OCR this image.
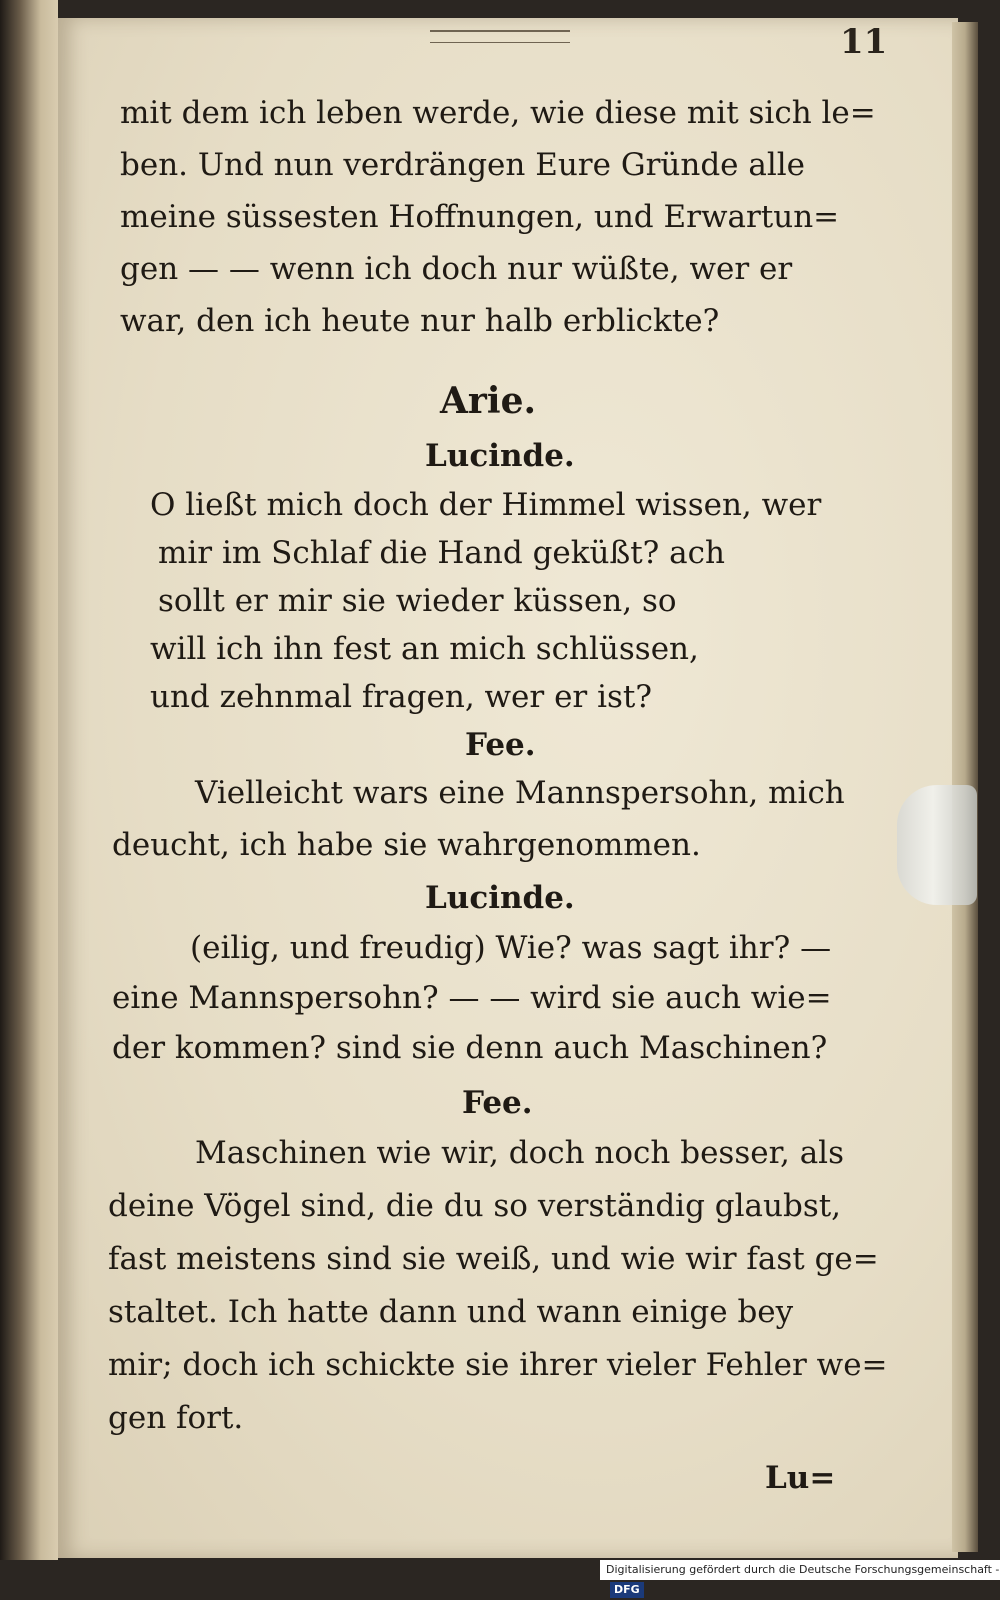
11
mit dem ich leben werde, wie diese mit sich le=
ben. Und nun verdrängen Eure Gründe alle
meine süssesten Hoffnungen, und Erwartun=
gen — — wenn ich doch nur wüßte, wer er
war, den ich heute nur halb erblickte?
Arie.
Lucinde.
O ließt mich doch der Himmel wissen, wer
mir im Schlaf die Hand geküßt? ach
sollt er mir sie wieder küssen, so
will ich ihn fest an mich schlüssen,
und zehnmal fragen, wer er ist?
Fee.
Vielleicht wars eine Mannspersohn, mich
deucht, ich habe sie wahrgenommen.
Lucinde.
(eilig, und freudig) Wie? was sagt ihr? —
eine Mannspersohn? — — wird sie auch wie=
der kommen? sind sie denn auch Maschinen?
Fee.
Maschinen wie wir, doch noch besser, als
deine Vögel sind, die du so verständig glaubst,
fast meistens sind sie weiß, und wie wir fast ge=
staltet. Ich hatte dann und wann einige bey
mir; doch ich schickte sie ihrer vieler Fehler we=
gen fort.
Lu=
Digitalisierung gefördert durch die Deutsche Forschungsgemeinschaft - DFG
